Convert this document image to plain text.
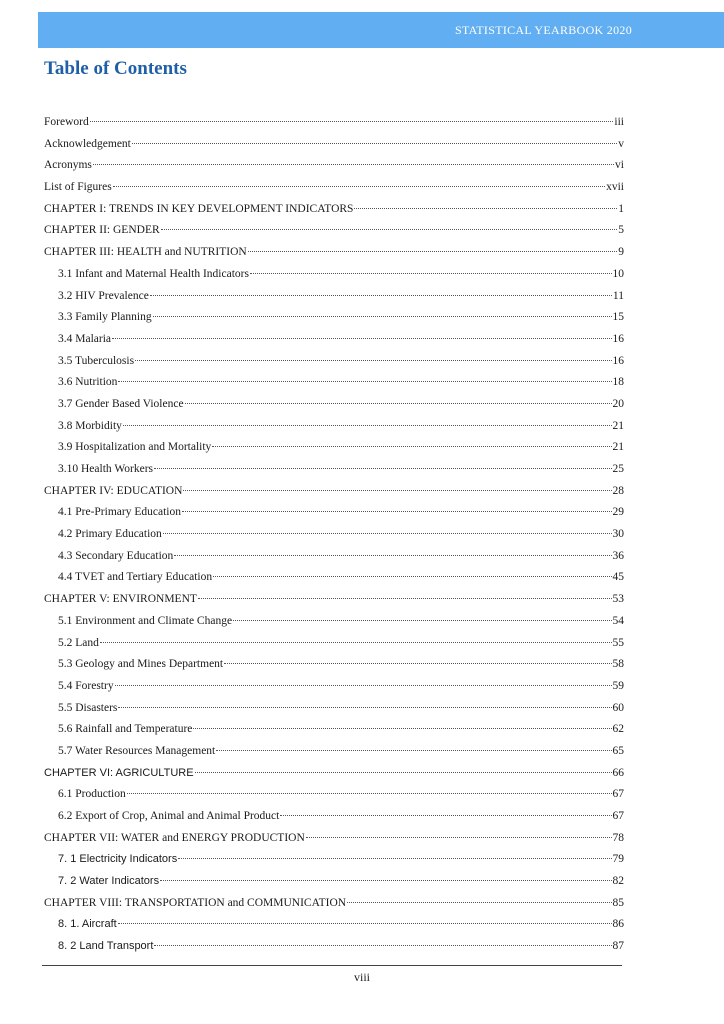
STATISTICAL YEARBOOK 2020
Table of Contents
Foreword	iii
Acknowledgement	v
Acronyms	vi
List of Figures	xvii
CHAPTER I: TRENDS IN KEY DEVELOPMENT INDICATORS	1
CHAPTER II: GENDER	5
CHAPTER III: HEALTH and NUTRITION	9
3.1 Infant and Maternal Health Indicators	10
3.2 HIV Prevalence	11
3.3 Family Planning	15
3.4 Malaria	16
3.5 Tuberculosis	16
3.6 Nutrition	18
3.7 Gender Based Violence	20
3.8 Morbidity	21
3.9 Hospitalization and Mortality	21
3.10 Health Workers	25
CHAPTER IV: EDUCATION	28
4.1 Pre-Primary Education	29
4.2 Primary Education	30
4.3 Secondary Education	36
4.4 TVET and Tertiary Education	45
CHAPTER V: ENVIRONMENT	53
5.1 Environment and Climate Change	54
5.2 Land	55
5.3 Geology and Mines Department	58
5.4 Forestry	59
5.5 Disasters	60
5.6 Rainfall and Temperature	62
5.7 Water Resources Management	65
CHAPTER VI: AGRICULTURE	66
6.1 Production	67
6.2 Export of Crop, Animal and Animal Product	67
CHAPTER VII: WATER and ENERGY PRODUCTION	78
7. 1 Electricity Indicators	79
7. 2 Water Indicators	82
CHAPTER VIII: TRANSPORTATION and COMMUNICATION	85
8. 1. Aircraft	86
8. 2 Land Transport	87
viii
